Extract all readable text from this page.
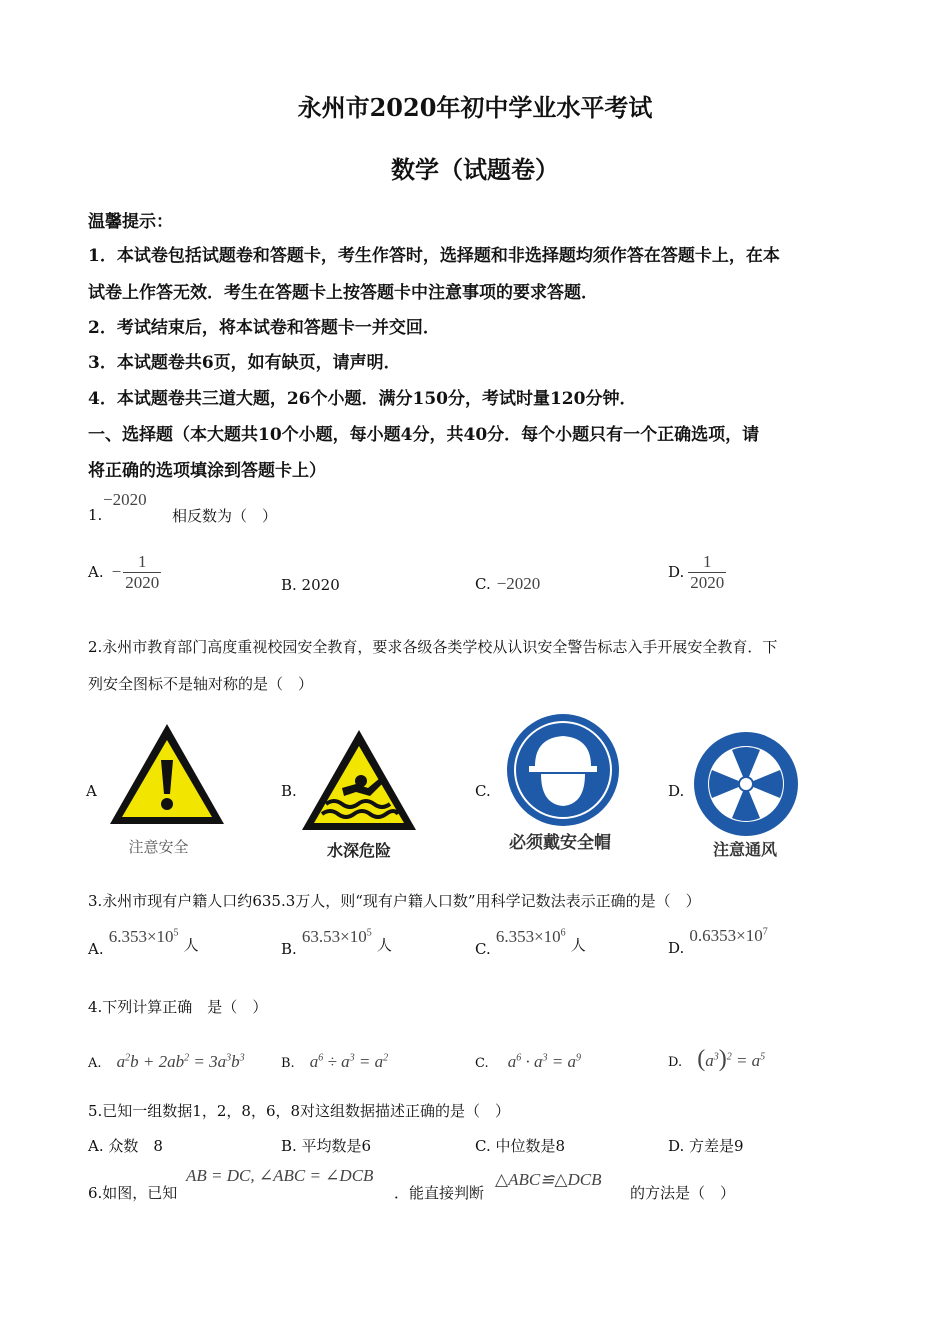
永州市2020年初中学业水平考试
数学（试题卷）
温馨提示：
1．本试卷包括试题卷和答题卡，考生作答时，选择题和非选择题均须作答在答题卡上，在本
试卷上作答无效．考生在答题卡上按答题卡中注意事项的要求答题．
2．考试结束后，将本试卷和答题卡一并交回．
3．本试题卷共6页，如有缺页，请声明．
4．本试题卷共三道大题，26个小题．满分150分，考试时量120分钟．
一、选择题（本大题共10个小题，每小题4分，共40分．每个小题只有一个正确选项，请
将正确的选项填涂到答题卡上）
1.
−2020
相反数为（　）
A. − $\frac{1}{2020}$	B. 2020	C. −2020
D. $\frac{1}{2020}$
2.永州市教育部门高度重视校园安全教育，要求各级各类学校从认识安全警告标志入手开展安全教育．下
列安全图标不是轴对称的是（　）
A	B.	C.	D.
注意安全	水深危险	必须戴安全帽	注意通风
3.永州市现有户籍人口约635.3万人，则“现有户籍人口数”用科学记数法表示正确的是（　）
A. $6.353\times 10^5$ 人	B. $63.53\times 10^5$ 人	C. $6.353\times 10^6$ 人	D. $0.6353\times 10^7$
4.下列计算正确　是（　）
A. $a^2b + 2ab^2 = 3a^3b^3$	B. $a^6 \div a^3 = a^2$	C. $a^6 \cdot a^3 = a^9$	D. $(a^3)^2 = a^5$
5.已知一组数据1，2，8，6，8对这组数据描述正确的是（　）
A. 众数　8	B. 平均数是6	C. 中位数是8	D. 方差是9
6.如图，已知
AB = DC, ∠ABC = ∠DCB
．能直接判断
△ABC≌△DCB
的方法是（　）
